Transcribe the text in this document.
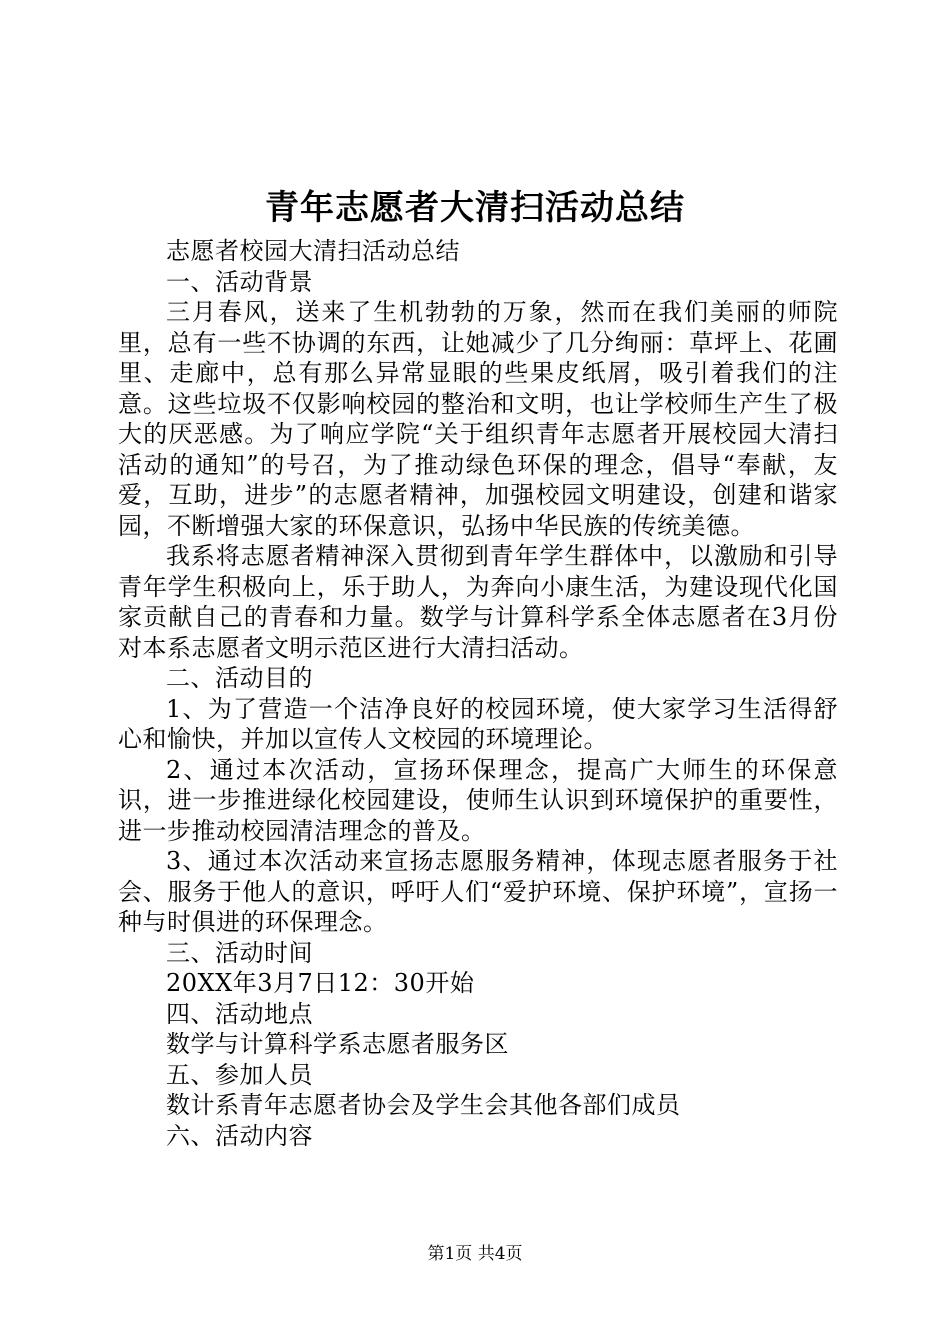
青年志愿者大清扫活动总结

志愿者校园大清扫活动总结

一、活动背景

三月春风，送来了生机勃勃的万象，然而在我们美丽的师院里，总有一些不协调的东西，让她减少了几分绚丽：草坪上、花圃里、走廊中，总有那么异常显眼的些果皮纸屑，吸引着我们的注意。这些垃圾不仅影响校园的整治和文明，也让学校师生产生了极大的厌恶感。为了响应学院“关于组织青年志愿者开展校园大清扫活动的通知”的号召，为了推动绿色环保的理念，倡导“奉献，友爱，互助，进步”的志愿者精神，加强校园文明建设，创建和谐家园，不断增强大家的环保意识，弘扬中华民族的传统美德。

我系将志愿者精神深入贯彻到青年学生群体中，以激励和引导青年学生积极向上，乐于助人，为奔向小康生活，为建设现代化国家贡献自己的青春和力量。数学与计算科学系全体志愿者在3月份对本系志愿者文明示范区进行大清扫活动。

二、活动目的

1、为了营造一个洁净良好的校园环境，使大家学习生活得舒心和愉快，并加以宣传人文校园的环境理论。

2、通过本次活动，宣扬环保理念，提高广大师生的环保意识，进一步推进绿化校园建设，使师生认识到环境保护的重要性，进一步推动校园清洁理念的普及。

3、通过本次活动来宣扬志愿服务精神，体现志愿者服务于社会、服务于他人的意识，呼吁人们“爱护环境、保护环境”，宣扬一种与时俱进的环保理念。

三、活动时间

20XX年3月7日12：30开始

四、活动地点

数学与计算科学系志愿者服务区

五、参加人员

数计系青年志愿者协会及学生会其他各部们成员

六、活动内容

第1页 共4页
